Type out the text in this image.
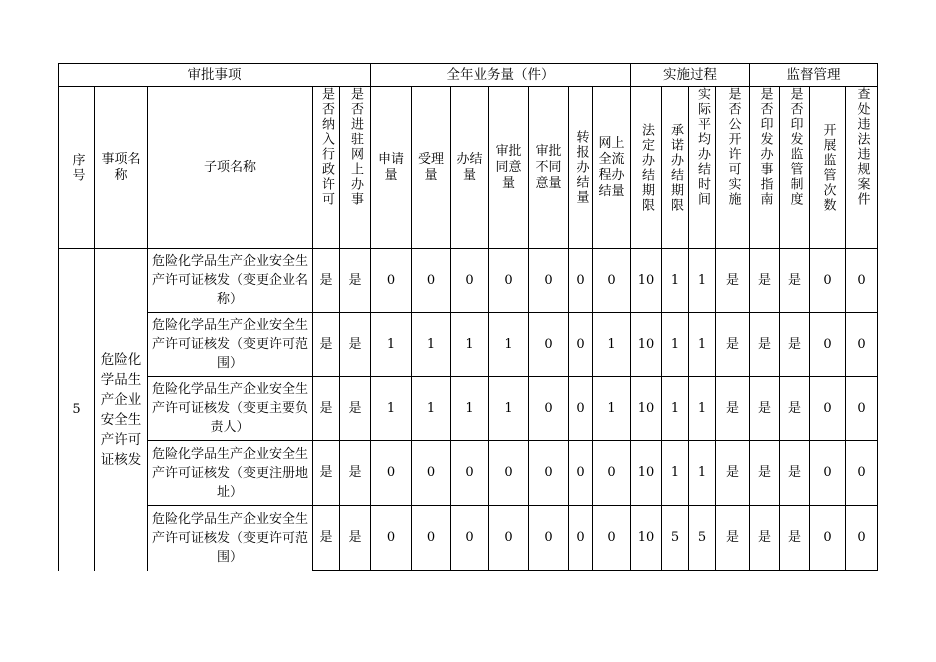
审批事项					全年业务量（件）							实施过程				监督管理			

序号	事项名称	子项名称	是否纳入行政许可	是否进驻网上办事	申请量	受理量	办结量	审批同意量	审批不同意量	转报办结量	网上全流程办结量	法定办结期限	承诺办结期限	实际平均办结时间	是否公开许可实施	是否印发办事指南	是否印发监管制度	开展监管次数	查处违法违规案件

5	危险化学品生产企业安全生产许可证核发	危险化学品生产企业安全生产许可证核发（变更企业名称）	是	是	0	0	0	0	0	0	0	10	1	1	是	是	是	0	0
		危险化学品生产企业安全生产许可证核发（变更许可范围）	是	是	1	1	1	1	0	0	1	10	1	1	是	是	是	0	0
		危险化学品生产企业安全生产许可证核发（变更主要负责人）	是	是	1	1	1	1	0	0	1	10	1	1	是	是	是	0	0
		危险化学品生产企业安全生产许可证核发（变更注册地址）	是	是	0	0	0	0	0	0	0	10	1	1	是	是	是	0	0
		危险化学品生产企业安全生产许可证核发（变更许可范围）	是	是	0	0	0	0	0	0	0	10	5	5	是	是	是	0	0
